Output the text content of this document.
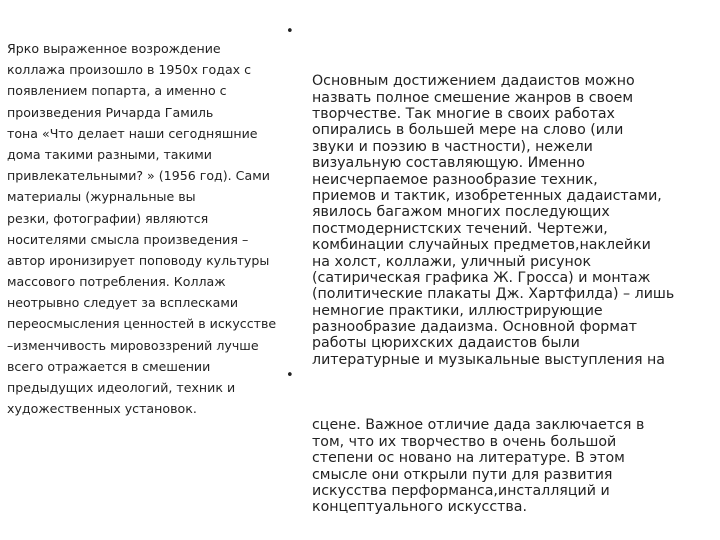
Ярко выраженное возрождение
коллажа произошло в 1950х годах с
появлением попарта, а именно с
произведения Ричарда Гамиль
тона «Что делает наши сегодняшние
дома такими разными, такими
привлекательными? » (1956 год). Сами
материалы (журнальные вы
резки, фотографии) являются
носителями смысла произведения –
автор иронизирует поповоду культуры
массового потребления. Коллаж
неотрывно следует за всплесками
переосмысления ценностей в искусстве
–изменчивость мировоззрений лучше
всего отражается в смешении
предыдущих идеологий, техник и
художественных установок.

•

Основным достижением дадаистов можно
назвать полное смешение жанров в своем
творчестве. Так многие в своих работах
опирались в большей мере на слово (или
звуки и поэзию в частности), нежели
визуальную составляющую. Именно
неисчерпаемое разнообразие техник,
приемов и тактик, изобретенных дадаистами,
явилось багажом многих последующих
постмодернистских течений. Чертежи,
комбинации случайных предметов,наклейки
на холст, коллажи, уличный рисунок
(сатирическая графика Ж. Гросса) и монтаж
(политические плакаты Дж. Хартфилда) – лишь
немногие практики, иллюстрирующие
разнообразие дадаизма. Основной формат
работы цюрихских дадаистов были
литературные и музыкальные выступления на

•

сцене. Важное отличие дада заключается в
том, что их творчество в очень большой
степени ос новано на литературе. В этом
смысле они открыли пути для развития
искусства перформанса,инсталляций и
концептуального искусства.
